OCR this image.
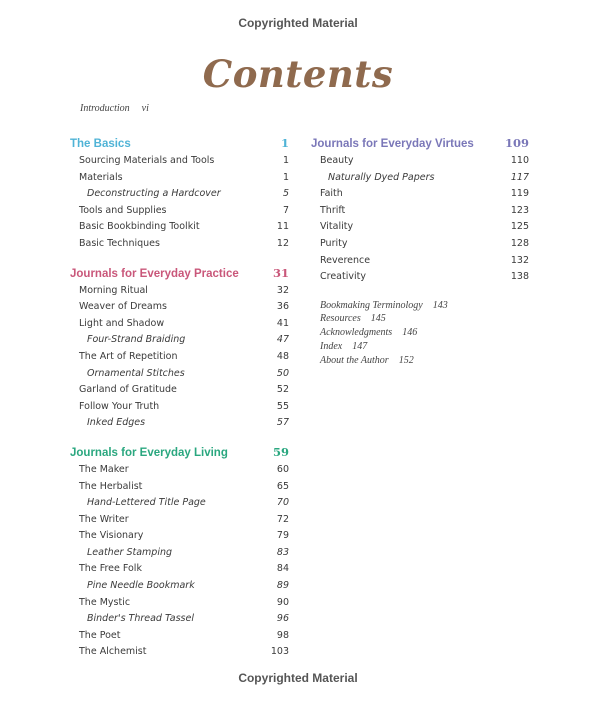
Copyrighted Material
Contents
Introduction vi
The Basics	1
Sourcing Materials and Tools	1
Materials	1
Deconstructing a Hardcover	5
Tools and Supplies	7
Basic Bookbinding Toolkit	11
Basic Techniques	12
Journals for Everyday Practice	31
Morning Ritual	32
Weaver of Dreams	36
Light and Shadow	41
Four-Strand Braiding	47
The Art of Repetition	48
Ornamental Stitches	50
Garland of Gratitude	52
Follow Your Truth	55
Inked Edges	57
Journals for Everyday Living	59
The Maker	60
The Herbalist	65
Hand-Lettered Title Page	70
The Writer	72
The Visionary	79
Leather Stamping	83
The Free Folk	84
Pine Needle Bookmark	89
The Mystic	90
Binder's Thread Tassel	96
The Poet	98
The Alchemist	103
Journals for Everyday Virtues	109
Beauty	110
Naturally Dyed Papers	117
Faith	119
Thrift	123
Vitality	125
Purity	128
Reverence	132
Creativity	138
Bookmaking Terminology 143
Resources 145
Acknowledgments 146
Index 147
About the Author 152
Copyrighted Material
